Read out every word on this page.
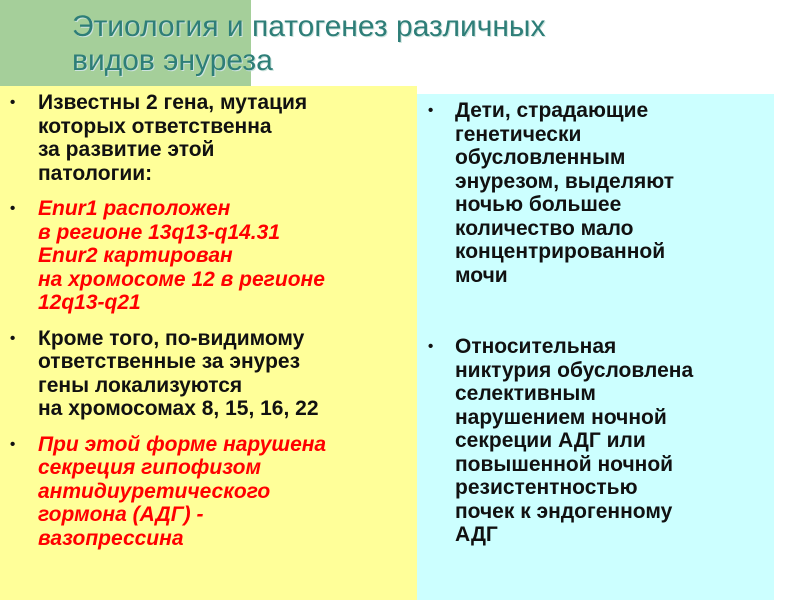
Этиология и патогенез различных
видов энуреза
• Известны 2 гена, мутация
которых ответственна
за развитие этой
патологии:
• Enur1 расположен
в регионе 13q13-q14.31
Enur2 картирован
на хромосоме 12 в регионе
12q13-q21
• Кроме того, по-видимому
ответственные за энурез
гены локализуются
на хромосомах 8, 15, 16, 22
• При этой форме нарушена
секреция гипофизом
антидиуретического
гормона (АДГ) -
вазопрессина
• Дети, страдающие
генетически
обусловленным
энурезом, выделяют
ночью большее
количество мало
концентрированной
мочи
• Относительная
никтурия обусловлена
селективным
нарушением ночной
секреции АДГ или
повышенной ночной
резистентностью
почек к эндогенному
АДГ
